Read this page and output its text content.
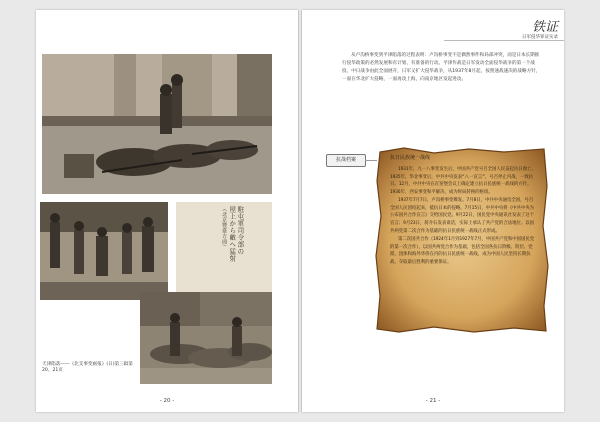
駐屯軍司令部の
屋上から敵へ猛射
（北京豐臺方面）
天津陷落——《北支事变画报》(日)第三辑第20、21页
- 20 -
铁证
日军侵华罪证实录
从卢沟桥事变到平津陷落的过程表明：卢沟桥事变不是偶然事件和局部冲突，而是日本长期推行侵华政策的必然发展和有计划、有准备的行动。平津作战是日军发动全面侵华战争的第一个战役。中日战争由此全面展开，日军又扩大侵华战争，从1937年8月起，按照速战速决的战略方针，一面在华北扩大侵略，一面再攻上海，向南京地区发起进攻。
抗战档案	抗日民族统一战线

1931年，九一八事变发生后，中国共产党号召全国人民奋起抗日救亡。1935年，华北事变后，中共中央发表“八一宣言”，号召停止内战，一致抗日。12月，中共中央在瓦窑堡会议上确定建立抗日民族统一战线的方针。1936年，西安事变和平解决，成为时局转换的枢纽。

1937年7月7日，卢沟桥事变爆发。7月8日，中共中央通电全国，号召全国人民团结起来，抵抗日本的侵略。7月15日，中共中央将《中共中央为公布国共合作宣言》交给国民党。9月22日，国民党中央通讯社发表了这个宣言；9月23日，蒋介石发表谈话，实际上承认了共产党的合法地位。以国共两党第二次合作为基础的抗日民族统一战线正式形成。

第二次国共合作（1924年1月到1927年7月，中国共产党和中国国民党的第一次合作），以国共两党合作为基础，包括全国各抗日阶级、阶层、党派、团体和海外华侨在内的抗日民族统一战线，成为中国人民坚持长期抗战、夺取最后胜利的重要保证。

- 21 -
